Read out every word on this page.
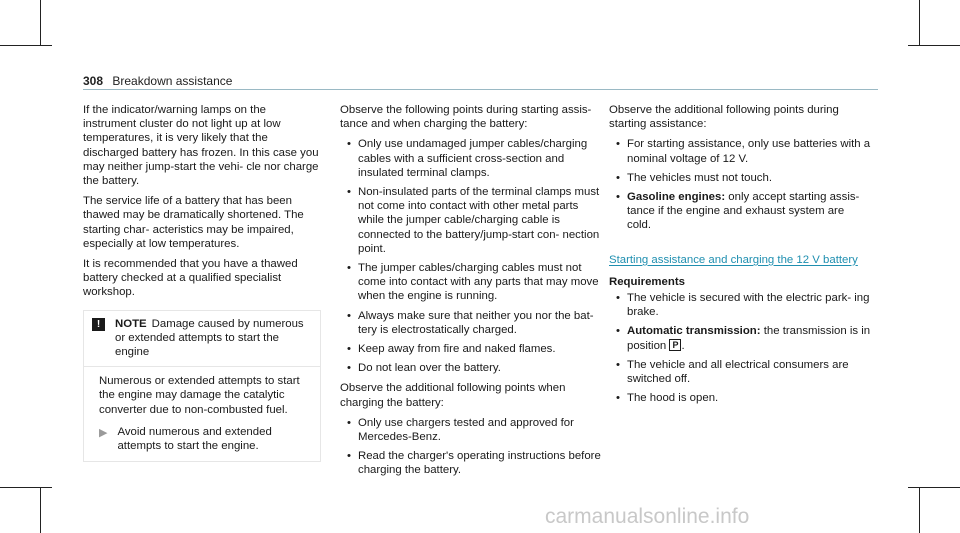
308 Breakdown assistance

If the indicator/warning lamps on the instrument cluster do not light up at low temperatures, it is very likely that the discharged battery has frozen. In this case you may neither jump-start the vehi- cle nor charge the battery.

The service life of a battery that has been thawed may be dramatically shortened. The starting char- acteristics may be impaired, especially at low temperatures.

It is recommended that you have a thawed battery checked at a qualified specialist workshop.

!	NOTE Damage caused by numerous or extended attempts to start the engine

Numerous or extended attempts to start the engine may damage the catalytic converter due to non-combusted fuel.

▶ Avoid numerous and extended attempts to start the engine.

Observe the following points during starting assis- tance and when charging the battery:

• Only use undamaged jumper cables/charging cables with a sufficient cross-section and insulated terminal clamps.
• Non-insulated parts of the terminal clamps must not come into contact with other metal parts while the jumper cable/charging cable is connected to the battery/jump-start con- nection point.
• The jumper cables/charging cables must not come into contact with any parts that may move when the engine is running.
• Always make sure that neither you nor the bat- tery is electrostatically charged.
• Keep away from fire and naked flames.
• Do not lean over the battery.

Observe the additional following points when charging the battery:

• Only use chargers tested and approved for Mercedes-Benz.
• Read the charger's operating instructions before charging the battery.

Observe the additional following points during starting assistance:

• For starting assistance, only use batteries with a nominal voltage of 12 V.
• The vehicles must not touch.
• Gasoline engines: only accept starting assis- tance if the engine and exhaust system are cold.
Starting assistance and charging the 12 V battery
Requirements
• The vehicle is secured with the electric park- ing brake.
• Automatic transmission: the transmission is in position P .
• The vehicle and all electrical consumers are switched off.
• The hood is open.
carmanualsonline.info
